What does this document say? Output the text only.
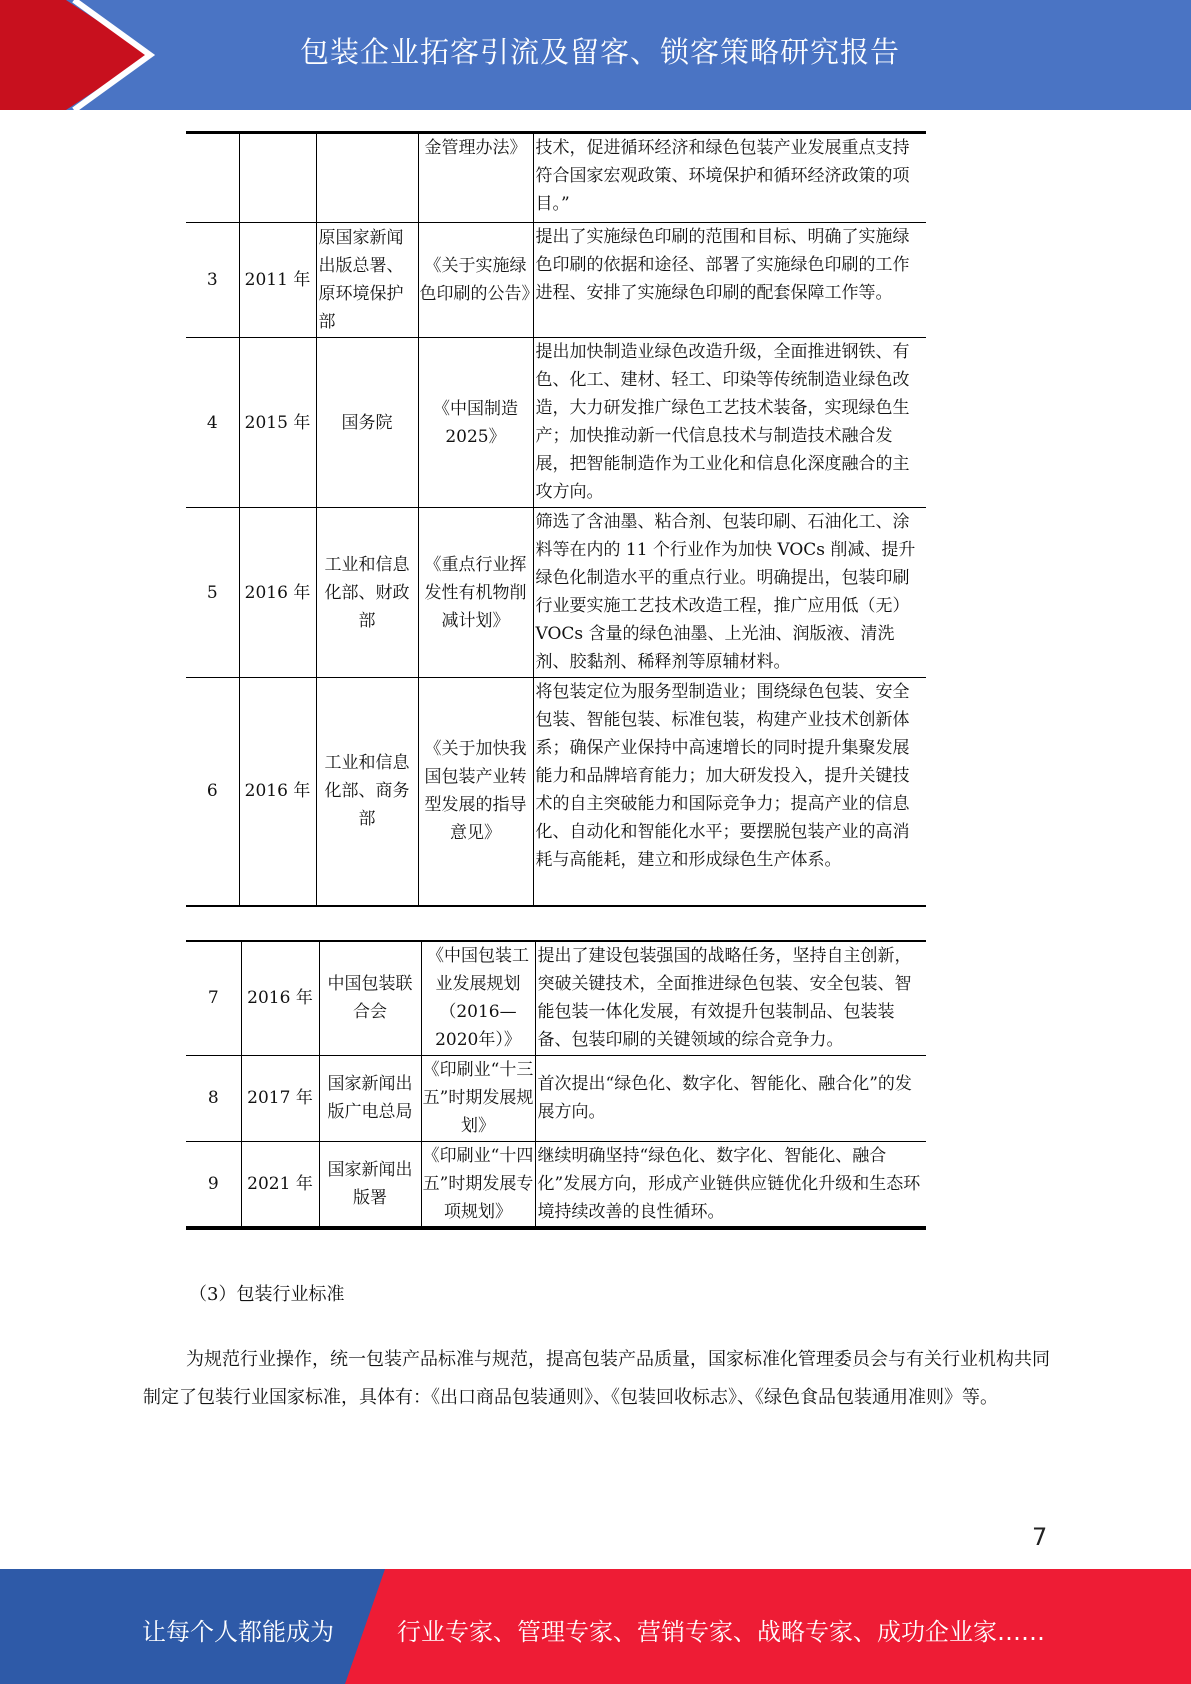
包装企业拓客引流及留客、锁客策略研究报告
			金管理办法》	技术，促进循环经济和绿色包装产业发展重点支持符合国家宏观政策、环境保护和循环经济政策的项目。”
3	2011 年	原国家新闻出版总署、原环境保护部	《关于实施绿色印刷的公告》	提出了实施绿色印刷的范围和目标、明确了实施绿色印刷的依据和途径、部署了实施绿色印刷的工作进程、安排了实施绿色印刷的配套保障工作等。
4	2015 年	国务院	《中国制造2025》	提出加快制造业绿色改造升级，全面推进钢铁、有色、化工、建材、轻工、印染等传统制造业绿色改造，大力研发推广绿色工艺技术装备，实现绿色生产；加快推动新一代信息技术与制造技术融合发展，把智能制造作为工业化和信息化深度融合的主攻方向。
5	2016 年	工业和信息化部、财政部	《重点行业挥发性有机物削减计划》	筛选了含油墨、粘合剂、包装印刷、石油化工、涂料等在内的 11 个行业作为加快 VOCs 削减、提升绿色化制造水平的重点行业。明确提出，包装印刷行业要实施工艺技术改造工程，推广应用低（无）VOCs 含量的绿色油墨、上光油、润版液、清洗剂、胶黏剂、稀释剂等原辅材料。
6	2016 年	工业和信息化部、商务部	《关于加快我国包装产业转型发展的指导意见》	将包装定位为服务型制造业；围绕绿色包装、安全包装、智能包装、标准包装，构建产业技术创新体系；确保产业保持中高速增长的同时提升集聚发展能力和品牌培育能力；加大研发投入，提升关键技术的自主突破能力和国际竞争力；提高产业的信息化、自动化和智能化水平；要摆脱包装产业的高消耗与高能耗，建立和形成绿色生产体系。
7	2016 年	中国包装联合会	《中国包装工业发展规划（2016—2020年）》	提出了建设包装强国的战略任务，坚持自主创新，突破关键技术，全面推进绿色包装、安全包装、智能包装一体化发展，有效提升包装制品、包装装备、包装印刷的关键领域的综合竞争力。
8	2017 年	国家新闻出版广电总局	《印刷业“十三五”时期发展规划》	首次提出“绿色化、数字化、智能化、融合化”的发展方向。
9	2021 年	国家新闻出版署	《印刷业“十四五”时期发展专项规划》	继续明确坚持“绿色化、数字化、智能化、融合化”发展方向，形成产业链供应链优化升级和生态环境持续改善的良性循环。
（3）包装行业标准
为规范行业操作，统一包装产品标准与规范，提高包装产品质量，国家标准化管理委员会与有关行业机构共同制定了包装行业国家标准，具体有：《出口商品包装通则》、《包装回收标志》、《绿色食品包装通用准则》等。
7
让每个人都能成为	行业专家、管理专家、营销专家、战略专家、成功企业家……
